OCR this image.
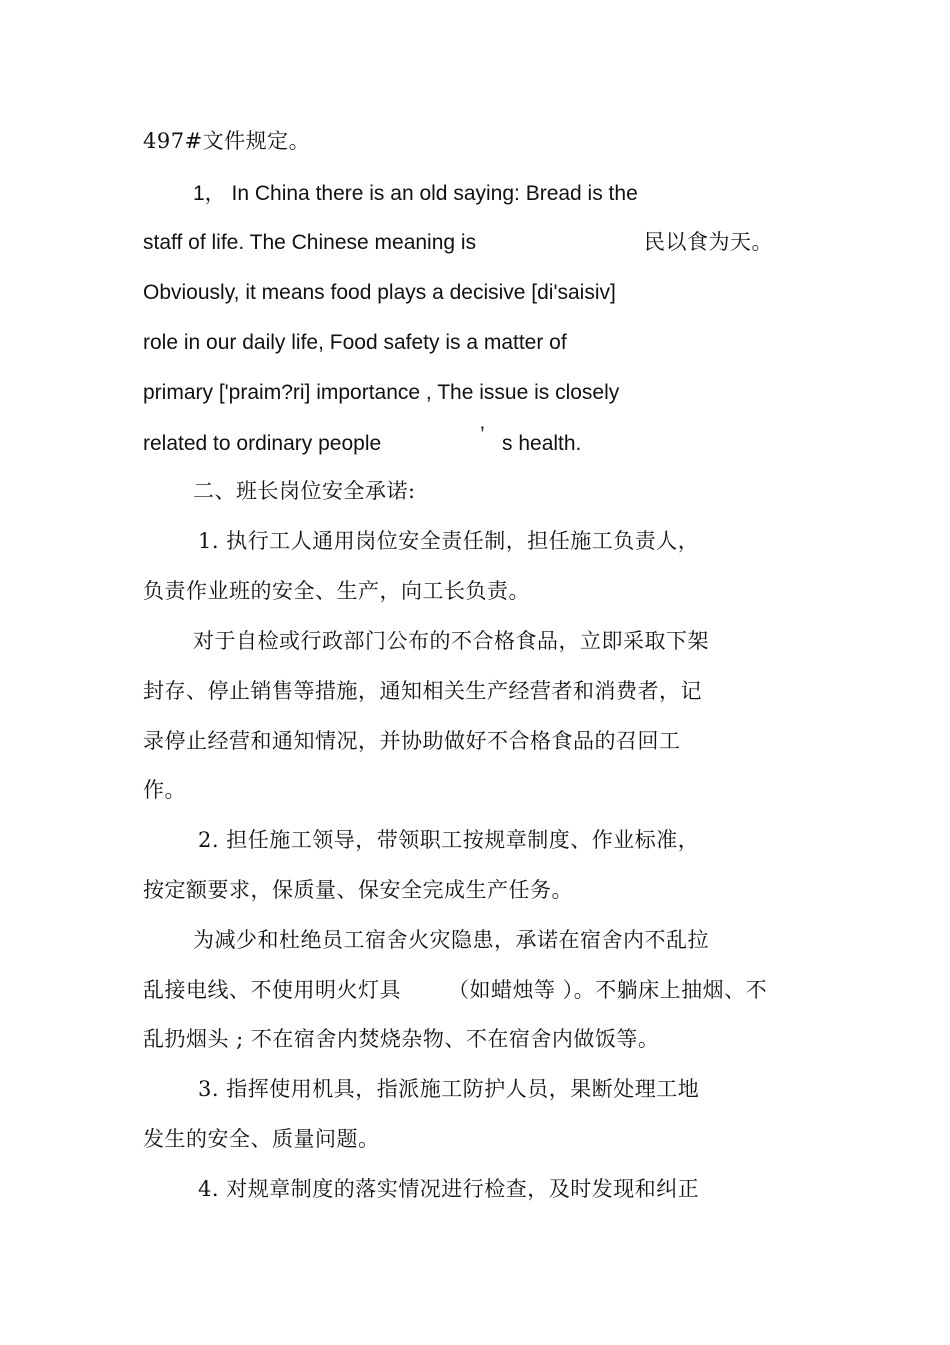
497#文件规定。

1， In China there is an old saying: Bread is the

staff of life. The Chinese meaning is	民以食为天。

Obviously, it means food plays a decisive [di'saisiv]

role in our daily life, Food safety is a matter of

primary ['praim?ri] importance , The issue is closely

related to ordinary people	’ s health.

二、班长岗位安全承诺:

1. 执行工人通用岗位安全责任制，担任施工负责人，

负责作业班的安全、生产，向工长负责。

对于自检或行政部门公布的不合格食品，立即采取下架

封存、停止销售等措施，通知相关生产经营者和消费者，记

录停止经营和通知情况，并协助做好不合格食品的召回工

作。

2. 担任施工领导，带领职工按规章制度、作业标准，

按定额要求，保质量、保安全完成生产任务。

为减少和杜绝员工宿舍火灾隐患，承诺在宿舍内不乱拉

乱接电线、不使用明火灯具 （如蜡烛等 ）。不躺床上抽烟、不

乱扔烟头 ; 不在宿舍内焚烧杂物、不在宿舍内做饭等。

3. 指挥使用机具，指派施工防护人员，果断处理工地

发生的安全、质量问题。

4. 对规章制度的落实情况进行检查，及时发现和纠正
